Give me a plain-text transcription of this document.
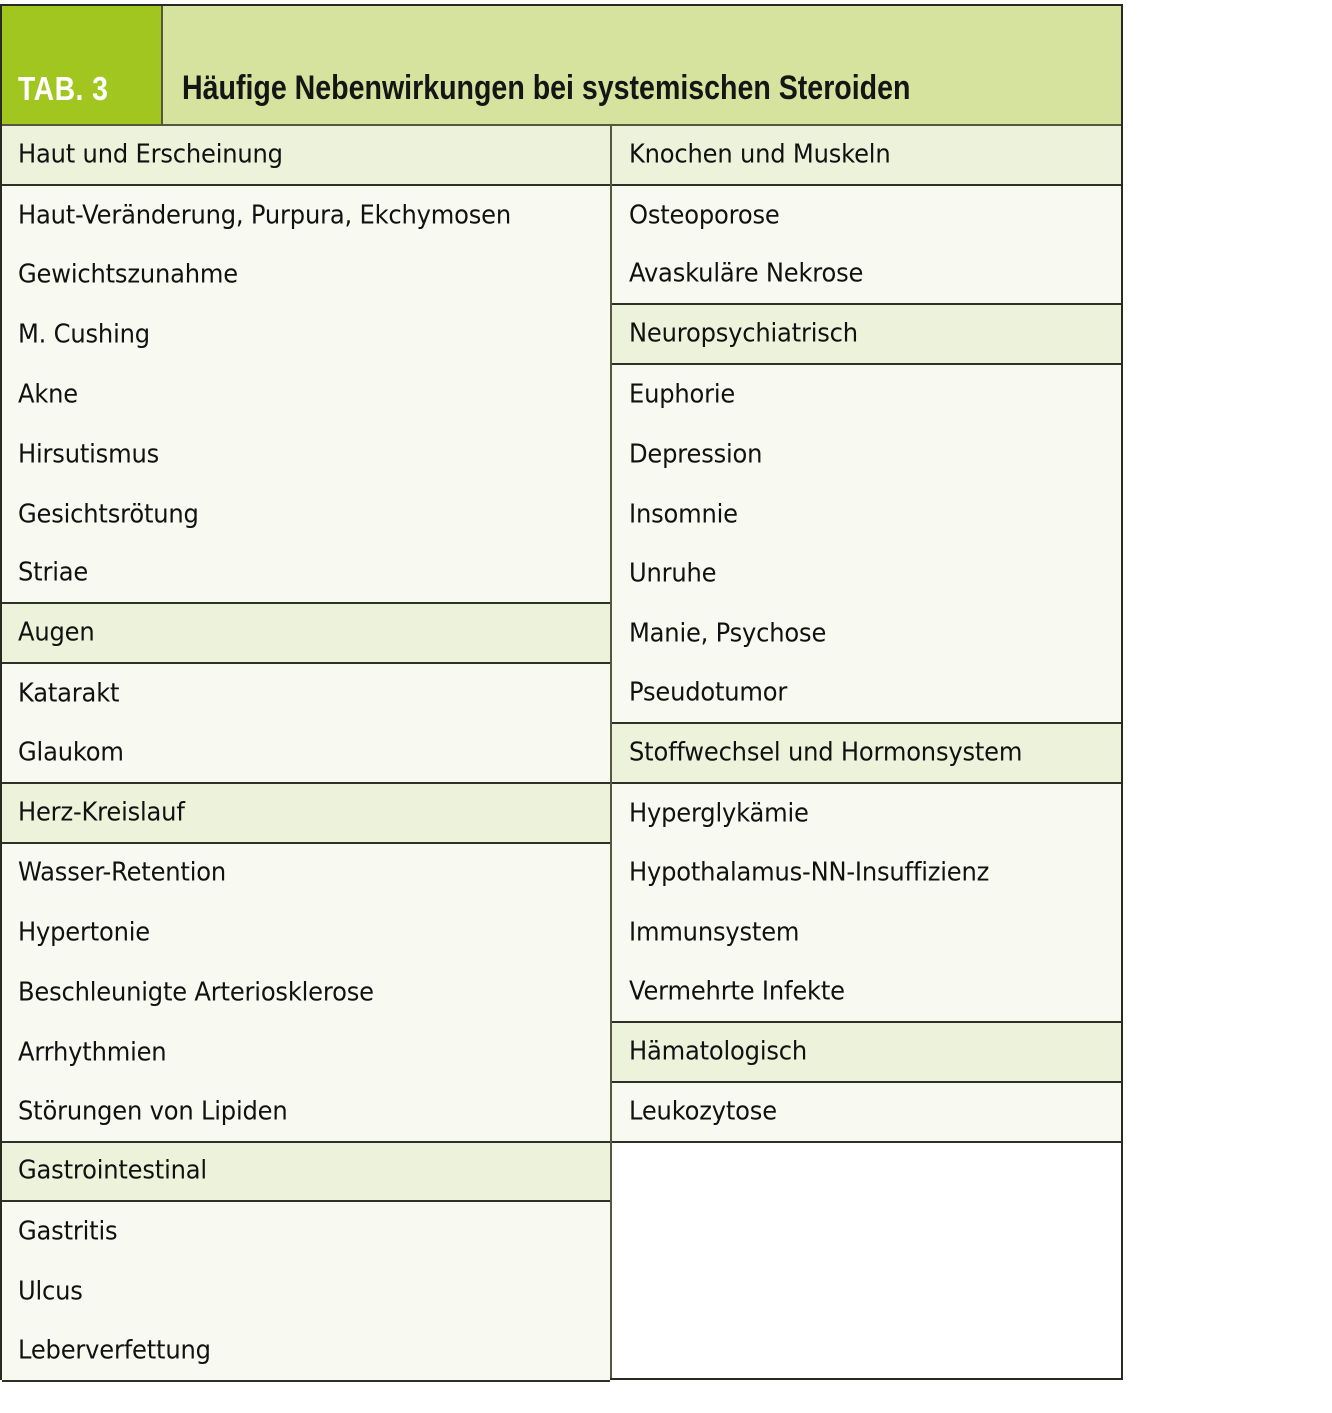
TAB. 3 Häufige Nebenwirkungen bei systemischen Steroiden
Haut und Erscheinung
Haut-Veränderung, Purpura, Ekchymosen
Gewichtszunahme
M. Cushing
Akne
Hirsutismus
Gesichtsrötung
Striae
Augen
Katarakt
Glaukom
Herz-Kreislauf
Wasser-Retention
Hypertonie
Beschleunigte Arteriosklerose
Arrhythmien
Störungen von Lipiden
Gastrointestinal
Gastritis
Ulcus
Leberverfettung
Knochen und Muskeln
Osteoporose
Avaskuläre Nekrose
Neuropsychiatrisch
Euphorie
Depression
Insomnie
Unruhe
Manie, Psychose
Pseudotumor
Stoffwechsel und Hormonsystem
Hyperglykämie
Hypothalamus-NN-Insuffizienz
Immunsystem
Vermehrte Infekte
Hämatologisch
Leukozytose
